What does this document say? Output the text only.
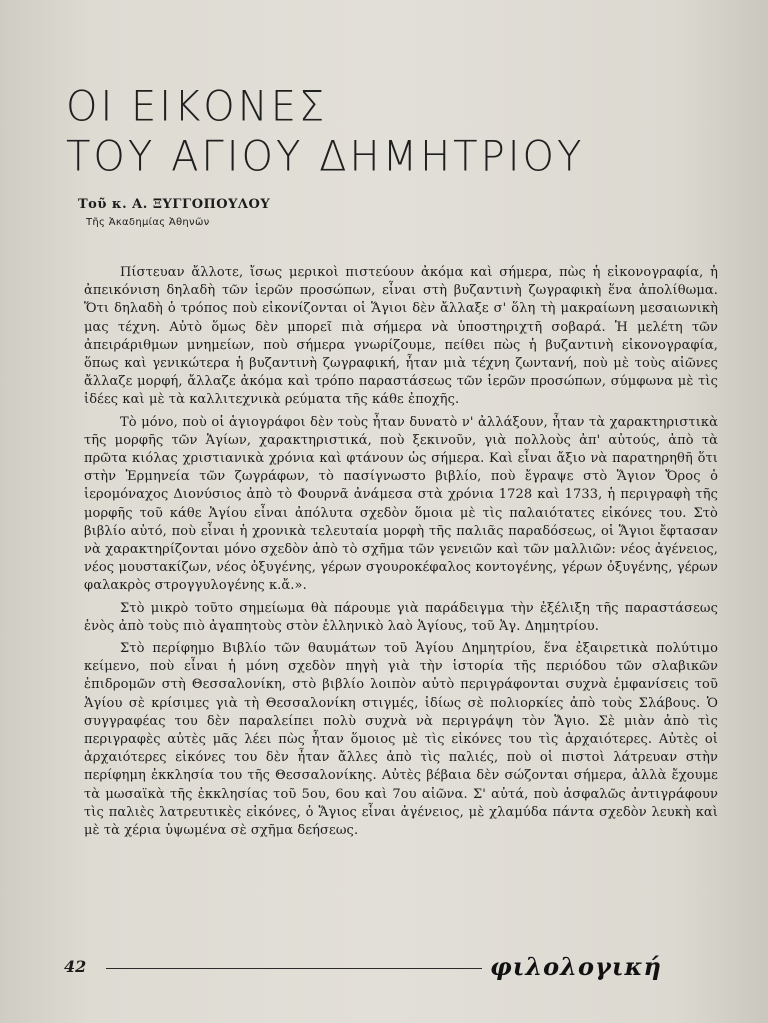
ΟΙ ΕΙΚΟΝΕΣ
ΤΟΥ ΑΓΙΟΥ ΔΗΜΗΤΡΙΟΥ
Τοῦ κ. Α. ΞΥΓΓΟΠΟΥΛΟΥ
Τῆς Ἀκαδημίας Ἀθηνῶν

Πίστευαν ἄλλοτε, ἴσως μερικοὶ πιστεύουν ἀκόμα καὶ σήμερα, πὼς ἡ εἰκονογραφία, ἡ ἀπεικόνιση δηλαδὴ τῶν ἱερῶν προσώπων, εἶναι στὴ βυζαντινὴ ζωγραφικὴ ἕνα ἀπολίθωμα. Ὅτι δηλαδὴ ὁ τρόπος ποὺ εἰκονίζονται οἱ Ἅγιοι δὲν ἄλλαξε σ' ὅλη τὴ μακραίωνη μεσαιωνικὴ μας τέχνη. Αὐτὸ ὅμως δὲν μπορεῖ πιὰ σήμερα νὰ ὑποστηριχτῆ σοβαρά. Ἡ μελέτη τῶν ἀπειράριθμων μνημείων, ποὺ σήμερα γνωρίζουμε, πείθει πὼς ἡ βυζαντινὴ εἰκονογραφία, ὅπως καὶ γενικώτερα ἡ βυζαντινὴ ζωγραφική, ἦταν μιὰ τέχνη ζωντανή, ποὺ μὲ τοὺς αἰῶνες ἄλλαζε μορφή, ἄλλαζε ἀκόμα καὶ τρόπο παραστάσεως τῶν ἱερῶν προσώπων, σύμφωνα μὲ τὶς ἰδέες καὶ μὲ τὰ καλλιτεχνικὰ ρεύματα τῆς κάθε ἐποχῆς.

Τὸ μόνο, ποὺ οἱ ἁγιογράφοι δὲν τοὺς ἦταν δυνατὸ ν' ἀλλάξουν, ἦταν τὰ χαρακτηριστικὰ τῆς μορφῆς τῶν Ἁγίων, χαρακτηριστικά, ποὺ ξεκινοῦν, γιὰ πολλοὺς ἀπ' αὐτούς, ἀπὸ τὰ πρῶτα κιόλας χριστιανικὰ χρόνια καὶ φτάνουν ὡς σήμερα. Καὶ εἶναι ἄξιο νὰ παρατηρηθῆ ὅτι στὴν Ἑρμηνεία τῶν ζωγράφων, τὸ πασίγνωστο βιβλίο, ποὺ ἔγραψε στὸ Ἅγιον Ὄρος ὁ ἱερομόναχος Διονύσιος ἀπὸ τὸ Φουρνᾶ ἀνάμεσα στὰ χρόνια 1728 καὶ 1733, ἡ περιγραφὴ τῆς μορφῆς τοῦ κάθε Ἁγίου εἶναι ἀπόλυτα σχεδὸν ὅμοια μὲ τὶς παλαιότατες εἰκόνες του. Στὸ βιβλίο αὐτό, ποὺ εἶναι ἡ χρονικὰ τελευταία μορφὴ τῆς παλιᾶς παραδόσεως, οἱ Ἅγιοι ἔφτασαν νὰ χαρακτηρίζονται μόνο σχεδὸν ἀπὸ τὸ σχῆμα τῶν γενειῶν καὶ τῶν μαλλιῶν: νέος ἀγένειος, νέος μουστακίζων, νέος ὀξυγένης, γέρων σγουροκέφαλος κοντογένης, γέρων ὀξυγένης, γέρων φαλακρὸς στρογγυλογένης κ.ἄ.».

Στὸ μικρὸ τοῦτο σημείωμα θὰ πάρουμε γιὰ παράδειγμα τὴν ἐξέλιξη τῆς παραστάσεως ἑνὸς ἀπὸ τοὺς πιὸ ἀγαπητοὺς στὸν ἑλληνικὸ λαὸ Ἁγίους, τοῦ Ἁγ. Δημητρίου.

Στὸ περίφημο Βιβλίο τῶν θαυμάτων τοῦ Ἁγίου Δημητρίου, ἕνα ἐξαιρετικὰ πολύτιμο κείμενο, ποὺ εἶναι ἡ μόνη σχεδὸν πηγὴ γιὰ τὴν ἱστορία τῆς περιόδου τῶν σλαβικῶν ἐπιδρομῶν στὴ Θεσσαλονίκη, στὸ βιβλίο λοιπὸν αὐτὸ περιγράφονται συχνὰ ἐμφανίσεις τοῦ Ἁγίου σὲ κρίσιμες γιὰ τὴ Θεσσαλονίκη στιγμές, ἰδίως σὲ πολιορκίες ἀπὸ τοὺς Σλάβους. Ὁ συγγραφέας του δὲν παραλείπει πολὺ συχνὰ νὰ περιγράψη τὸν Ἅγιο. Σὲ μιὰν ἀπὸ τὶς περιγραφὲς αὐτὲς μᾶς λέει πὼς ἦταν ὅμοιος μὲ τὶς εἰκόνες του τὶς ἀρχαιότερες. Αὐτὲς οἱ ἀρχαιότερες εἰκόνες του δὲν ἦταν ἄλλες ἀπὸ τὶς παλιές, ποὺ οἱ πιστοὶ λάτρευαν στὴν περίφημη ἐκκλησία του τῆς Θεσσαλονίκης. Αὐτὲς βέβαια δὲν σώζονται σήμερα, ἀλλὰ ἔχουμε τὰ μωσαϊκὰ τῆς ἐκκλησίας τοῦ 5ου, 6ου καὶ 7ου αἰῶνα. Σ' αὐτά, ποὺ ἀσφαλῶς ἀντιγράφουν τὶς παλιὲς λατρευτικὲς εἰκόνες, ὁ Ἅγιος εἶναι ἀγένειος, μὲ χλαμύδα πάντα σχεδὸν λευκὴ καὶ μὲ τὰ χέρια ὑψωμένα σὲ σχῆμα δεήσεως.

42	φιλολογική
